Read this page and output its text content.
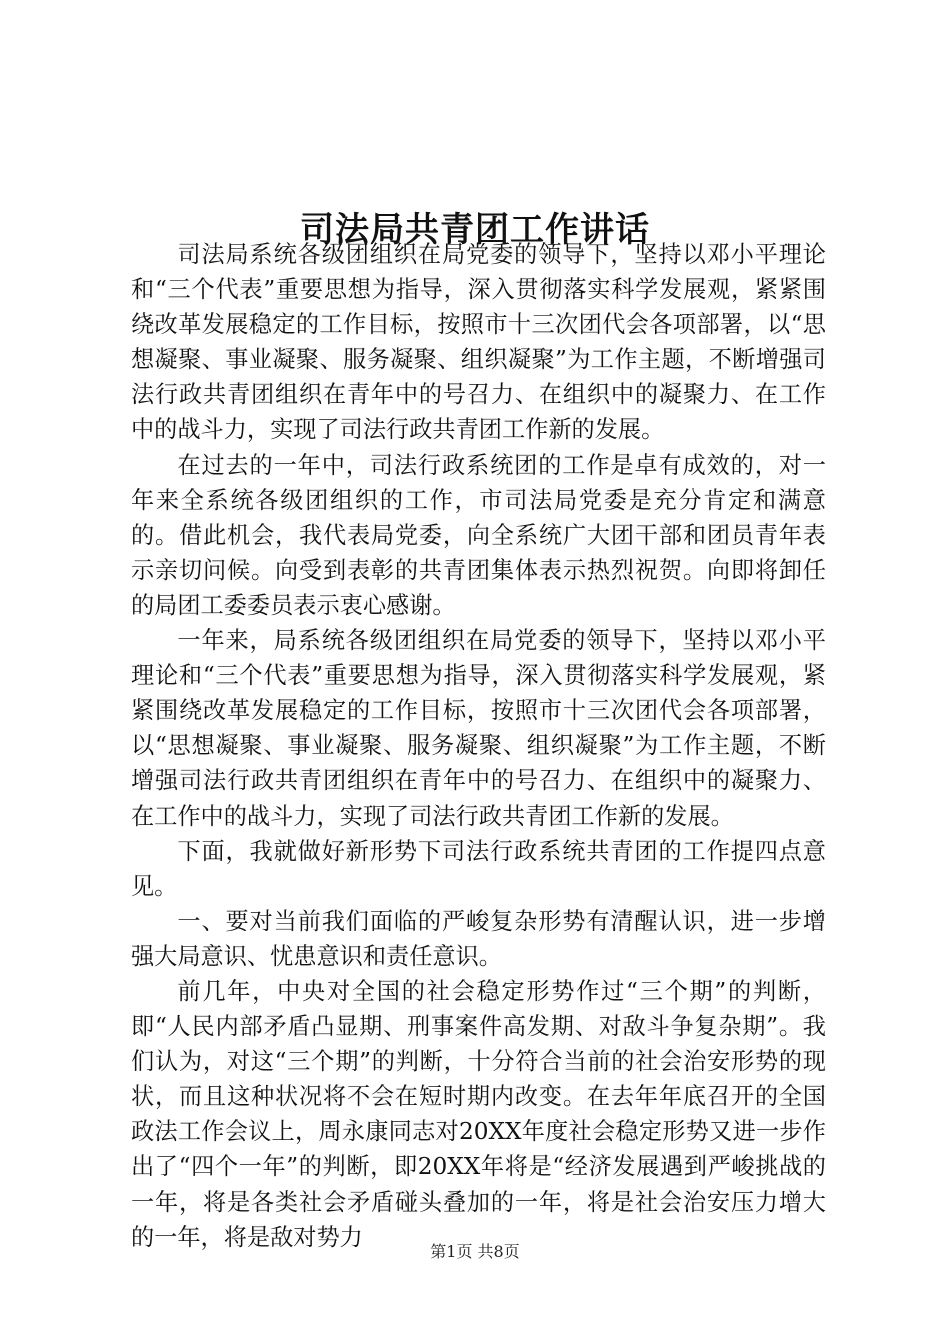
司法局共青团工作讲话

司法局系统各级团组织在局党委的领导下，坚持以邓小平理论和“三个代表”重要思想为指导，深入贯彻落实科学发展观，紧紧围绕改革发展稳定的工作目标，按照市十三次团代会各项部署，以“思想凝聚、事业凝聚、服务凝聚、组织凝聚”为工作主题，不断增强司法行政共青团组织在青年中的号召力、在组织中的凝聚力、在工作中的战斗力，实现了司法行政共青团工作新的发展。

在过去的一年中，司法行政系统团的工作是卓有成效的，对一年来全系统各级团组织的工作，市司法局党委是充分肯定和满意的。借此机会，我代表局党委，向全系统广大团干部和团员青年表示亲切问候。向受到表彰的共青团集体表示热烈祝贺。向即将卸任的局团工委委员表示衷心感谢。

一年来，局系统各级团组织在局党委的领导下，坚持以邓小平理论和“三个代表”重要思想为指导，深入贯彻落实科学发展观，紧紧围绕改革发展稳定的工作目标，按照市十三次团代会各项部署，以“思想凝聚、事业凝聚、服务凝聚、组织凝聚”为工作主题，不断增强司法行政共青团组织在青年中的号召力、在组织中的凝聚力、在工作中的战斗力，实现了司法行政共青团工作新的发展。

下面，我就做好新形势下司法行政系统共青团的工作提四点意见。

一、要对当前我们面临的严峻复杂形势有清醒认识，进一步增强大局意识、忧患意识和责任意识。

前几年，中央对全国的社会稳定形势作过“三个期”的判断，即“人民内部矛盾凸显期、刑事案件高发期、对敌斗争复杂期”。我们认为，对这“三个期”的判断，十分符合当前的社会治安形势的现状，而且这种状况将不会在短时期内改变。在去年年底召开的全国政法工作会议上，周永康同志对20XX年度社会稳定形势又进一步作出了“四个一年”的判断，即20XX年将是“经济发展遇到严峻挑战的一年，将是各类社会矛盾碰头叠加的一年，将是社会治安压力增大的一年，将是敌对势力

第1页 共8页
